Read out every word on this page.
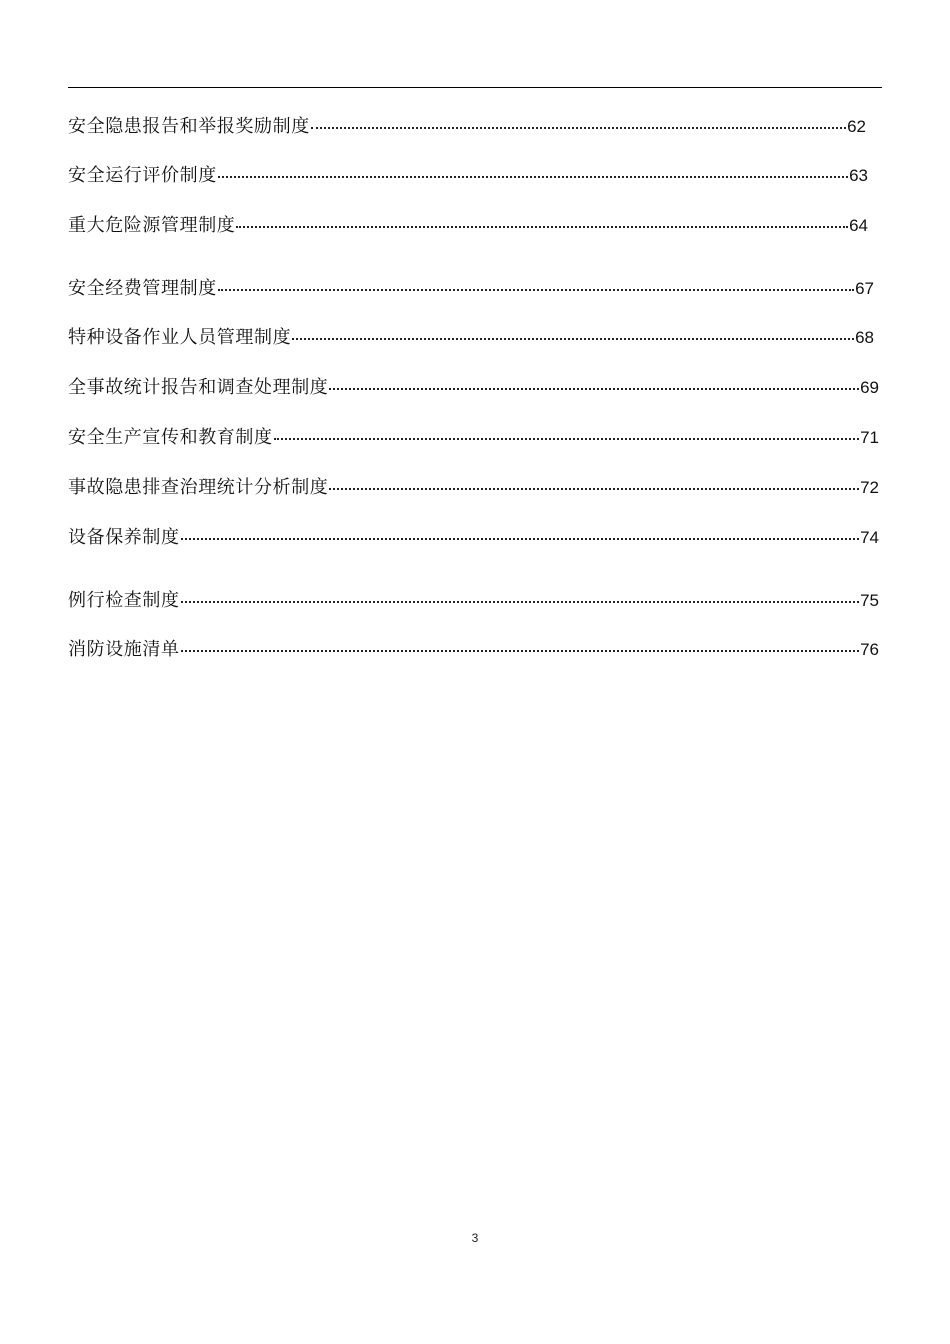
安全隐患报告和举报奖励制度	62
安全运行评价制度	63
重大危险源管理制度	64
安全经费管理制度	67
特种设备作业人员管理制度	68
全事故统计报告和调查处理制度	69
安全生产宣传和教育制度	71
事故隐患排查治理统计分析制度	72
设备保养制度	74
例行检查制度	75
消防设施清单	76
3
